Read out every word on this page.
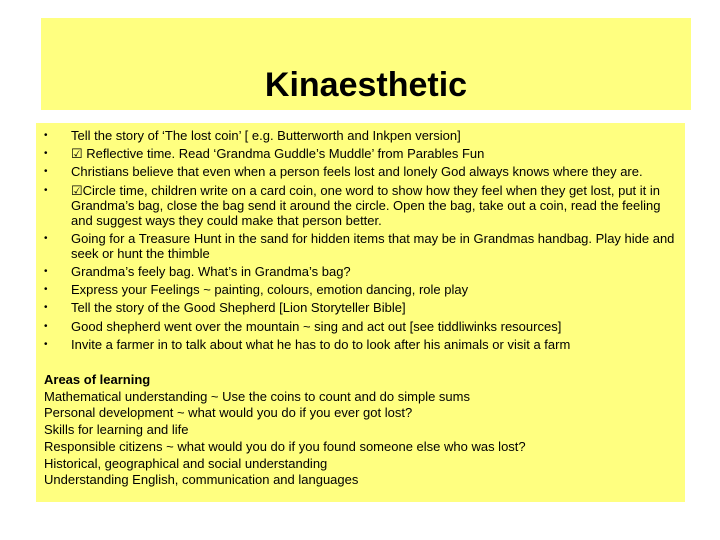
Kinaesthetic
• Tell the story of ‘The lost coin’ [ e.g. Butterworth and Inkpen version]
• ☑ Reflective time. Read ‘Grandma Guddle’s Muddle’ from Parables Fun
• Christians believe that even when a person feels lost and lonely God always knows where they are.
• ☑Circle time, children write on a card coin, one word to show how they feel when they get lost, put it in Grandma’s bag, close the bag send it around the circle. Open the bag, take out a coin, read the feeling and suggest ways they could make that person better.
• Going for a Treasure Hunt in the sand for hidden items that may be in Grandmas handbag. Play hide and seek or hunt the thimble
• Grandma’s feely bag. What’s in Grandma’s bag?
• Express your Feelings ~ painting, colours, emotion dancing, role play
• Tell the story of the Good Shepherd [Lion Storyteller Bible]
• Good shepherd went over the mountain ~ sing and act out [see tiddliwinks resources]
• Invite a farmer in to talk about what he has to do to look after his animals or visit a farm
Areas of learning
Mathematical understanding ~ Use the coins to count and do simple sums
Personal development ~ what would you do if you ever got lost?
Skills for learning and life
Responsible citizens ~ what would you do if you found someone else who was lost?
Historical, geographical and social understanding
Understanding English, communication and languages
